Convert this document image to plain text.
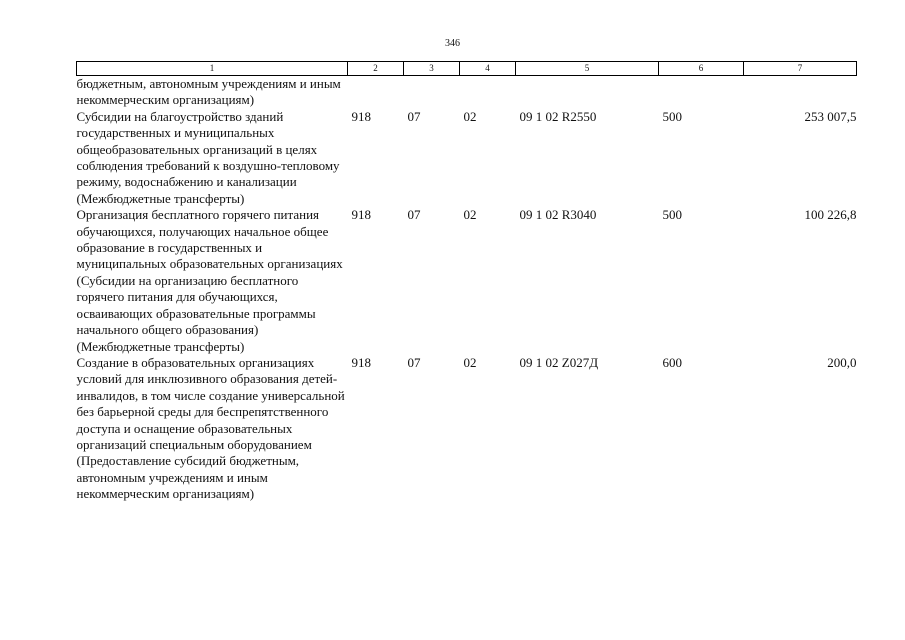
346
1	2	3	4	5	6	7
бюджетным, автономным учреждениям и иным некоммерческим организациям)						
Субсидии на благоустройство зданий государственных и муниципальных общеобразовательных организаций в целях соблюдения требований к воздушно-тепловому режиму, водоснабжению и канализации (Межбюджетные трансферты)	918	07	02	09 1 02 R2550	500	253 007,5
Организация бесплатного горячего питания обучающихся, получающих начальное общее образование в государственных и муниципальных образовательных организациях (Субсидии на организацию бесплатного горячего питания для обучающихся, осваивающих образовательные программы начального общего образования) (Межбюджетные трансферты)	918	07	02	09 1 02 R3040	500	100 226,8
Создание в образовательных организациях условий для инклюзивного образования детей-инвалидов, в том числе создание универсальной без барьерной среды для беспрепятственного доступа и оснащение образовательных организаций специальным оборудованием (Предоставление субсидий бюджетным, автономным учреждениям и иным некоммерческим организациям)	918	07	02	09 1 02 Z027Д	600	200,0
